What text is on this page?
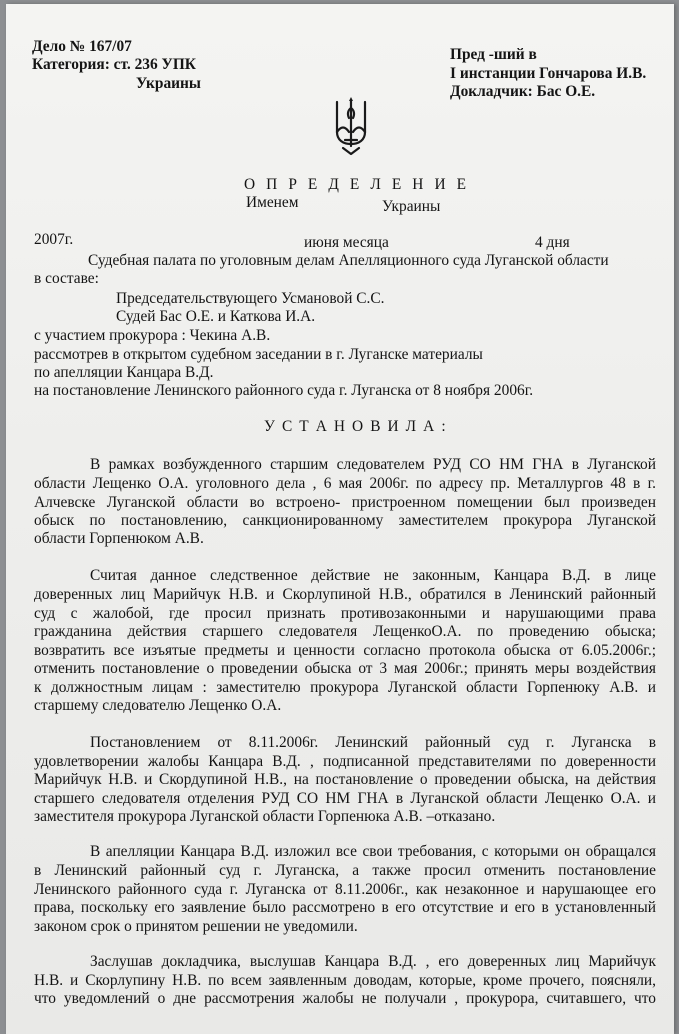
Дело № 167/07
Категория: ст. 236 УПК
Украины
Пред -ший в
I инстанции Гончарова И.В.
Докладчик: Бас О.Е.
О П Р Е Д Е Л Е Н И Е
Именем	Украины
2007г.	июня месяца	4 дня
Судебная палата по уголовным делам Апелляционного суда Луганской области
в составе:
Председательствующего Усмановой С.С.
Судей Бас О.Е. и Каткова И.А.
с участием прокурора : Чекина А.В.
рассмотрев в открытом судебном заседании в г. Луганске материалы
по апелляции Канцара В.Д.
на постановление Ленинского районного суда г. Луганска от 8 ноября 2006г.
У С Т А Н О В И Л А :
В рамках возбужденного старшим следователем РУД СО НМ ГНА в Луганской
области Лещенко О.А. уголовного дела , 6 мая 2006г. по адресу пр. Металлургов 48 в г.
Алчевске Луганской области во встроено- пристроенном помещении был произведен
обыск по постановлению, санкционированному заместителем прокурора Луганской
области Горпенюком А.В.
Считая данное следственное действие не законным, Канцара В.Д. в лице
доверенных лиц Марийчук Н.В. и Скорлупиной Н.В., обратился в Ленинский районный
суд с жалобой, где просил признать противозаконными и нарушающими права
гражданина действия старшего следователя ЛещенкоО.А. по проведению обыска;
возвратить все изъятые предметы и ценности согласно протокола обыска от 6.05.2006г.;
отменить постановление о проведении обыска от 3 мая 2006г.; принять меры воздействия
к должностным лицам : заместителю прокурора Луганской области Горпенюку А.В. и
старшему следователю Лещенко О.А.
Постановлением от 8.11.2006г. Ленинский районный суд г. Луганска в
удовлетворении жалобы Канцара В.Д. , подписанной представителями по доверенности
Марийчук Н.В. и Скордупиной Н.В., на постановление о проведении обыска, на действия
старшего следователя отделения РУД СО НМ ГНА в Луганской области Лещенко О.А. и
заместителя прокурора Луганской области Горпенюка А.В. –отказано.
В апелляции Канцара В.Д. изложил все свои требования, с которыми он обращался
в Ленинский районный суд г. Луганска, а также просил отменить постановление
Ленинского районного суда г. Луганска от 8.11.2006г., как незаконное и нарушающее его
права, поскольку его заявление было рассмотрено в его отсутствие и его в установленный
законом срок о принятом решении не уведомили.
Заслушав докладчика, выслушав Канцара В.Д. , его доверенных лиц Марийчук
Н.В. и Скорлупину Н.В. по всем заявленным доводам, которые, кроме прочего, поясняли,
что уведомлений о дне рассмотрения жалобы не получали , прокурора, считавшего, что
